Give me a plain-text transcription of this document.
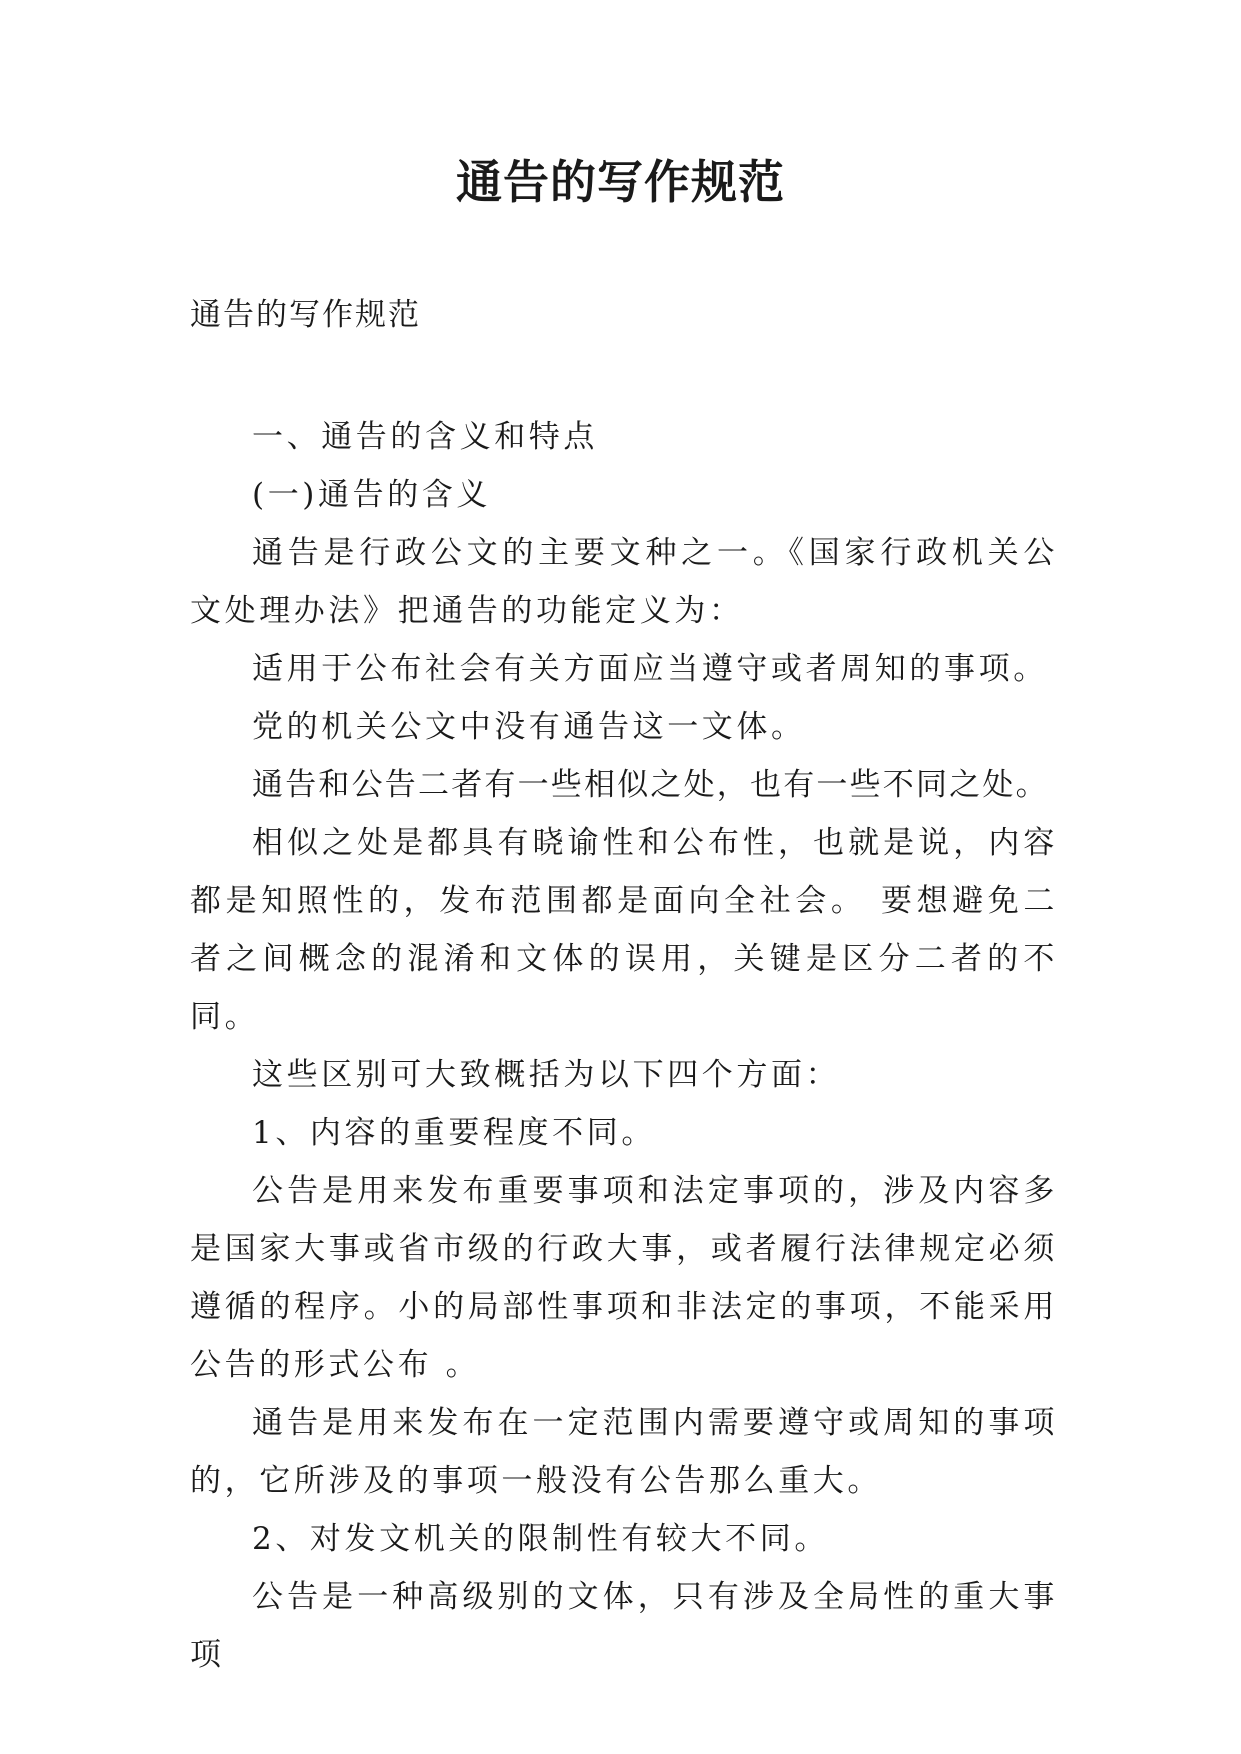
通告的写作规范

通告的写作规范

一、通告的含义和特点

(一)通告的含义

通告是行政公文的主要文种之一。《国家行政机关公文处理办法》把通告的功能定义为：

适用于公布社会有关方面应当遵守或者周知的事项。

党的机关公文中没有通告这一文体。

通告和公告二者有一些相似之处，也有一些不同之处。

相似之处是都具有晓谕性和公布性，也就是说，内容都是知照性的，发布范围都是面向全社会。 要想避免二者之间概念的混淆和文体的误用，关键是区分二者的不同。

这些区别可大致概括为以下四个方面：

1、内容的重要程度不同。

公告是用来发布重要事项和法定事项的，涉及内容多是国家大事或省市级的行政大事，或者履行法律规定必须遵循的程序。小的局部性事项和非法定的事项，不能采用公告的形式公布 。

通告是用来发布在一定范围内需要遵守或周知的事项的，它所涉及的事项一般没有公告那么重大。

2、对发文机关的限制性有较大不同。

公告是一种高级别的文体，只有涉及全局性的重大事项
